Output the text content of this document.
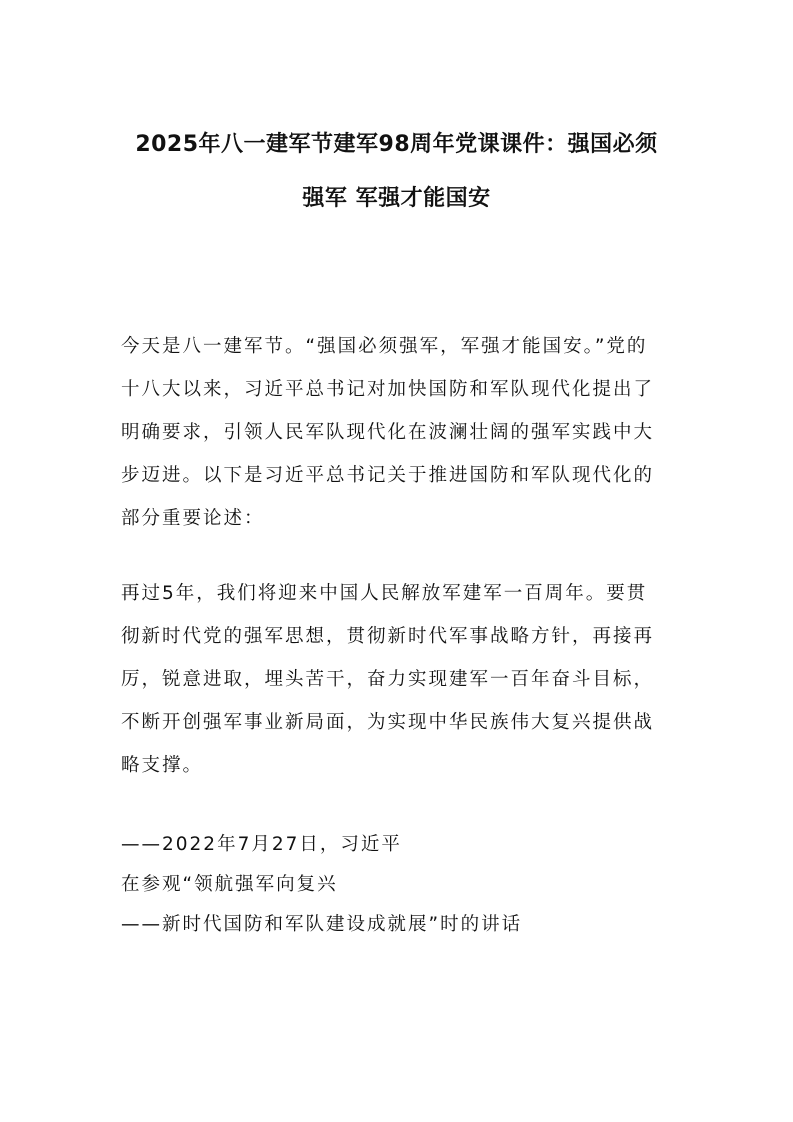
2025年八一建军节建军98周年党课课件：强国必须
强军 军强才能国安

今天是八一建军节。“强国必须强军，军强才能国安。”党的
十八大以来，习近平总书记对加快国防和军队现代化提出了
明确要求，引领人民军队现代化在波澜壮阔的强军实践中大
步迈进。以下是习近平总书记关于推进国防和军队现代化的
部分重要论述：

再过5年，我们将迎来中国人民解放军建军一百周年。要贯
彻新时代党的强军思想，贯彻新时代军事战略方针，再接再
厉，锐意进取，埋头苦干，奋力实现建军一百年奋斗目标，
不断开创强军事业新局面，为实现中华民族伟大复兴提供战
略支撑。

——2022年7月27日，习近平
在参观“领航强军向复兴
——新时代国防和军队建设成就展”时的讲话
